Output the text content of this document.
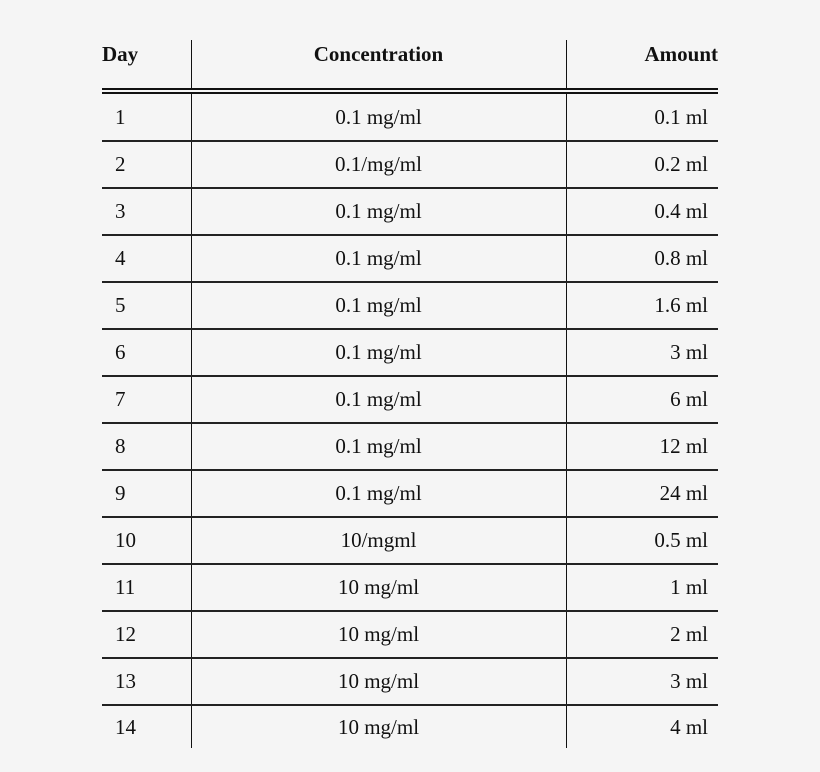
Day	Concentration	Amount
1	0.1 mg/ml	0.1 ml
2	0.1/mg/ml	0.2 ml
3	0.1 mg/ml	0.4 ml
4	0.1 mg/ml	0.8 ml
5	0.1 mg/ml	1.6 ml
6	0.1 mg/ml	3 ml
7	0.1 mg/ml	6 ml
8	0.1 mg/ml	12 ml
9	0.1 mg/ml	24 ml
10	10/mgml	0.5 ml
11	10 mg/ml	1 ml
12	10 mg/ml	2 ml
13	10 mg/ml	3 ml
14	10 mg/ml	4 ml
